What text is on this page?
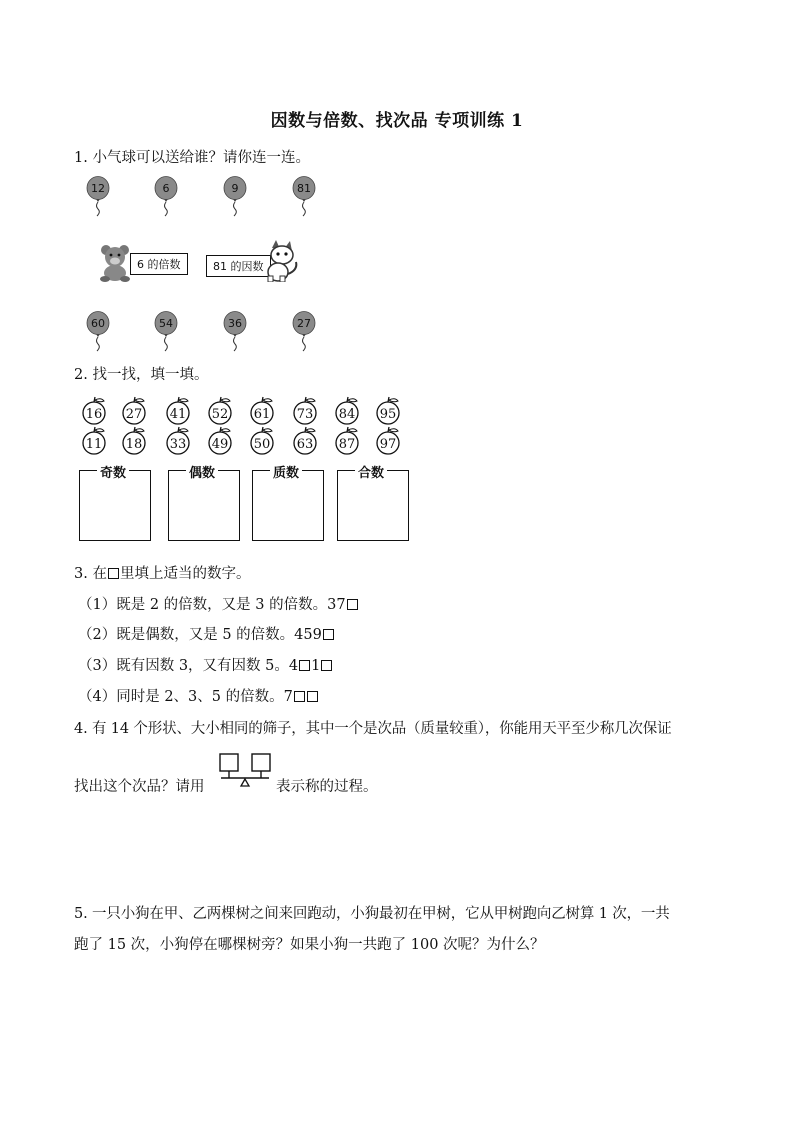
因数与倍数、找次品 专项训练 1
1. 小气球可以送给谁？请你连一连。
12	6	9	81
6 的倍数	81 的因数
60	54	36	27
2. 找一找，填一填。
16 27 41 52 61 73 84 95
11 18 33 49 50 63 87 97
奇数	偶数	质数	合数
3. 在 里填上适当的数字。
（1）既是 2 的倍数，又是 3 的倍数。37
（2）既是偶数，又是 5 的倍数。459
（3）既有因数 3，又有因数 5。4 1
（4）同时是 2、3、5 的倍数。7
4. 有 14 个形状、大小相同的筛子，其中一个是次品（质量较重），你能用天平至少称几次保证
找出这个次品？请用	表示称的过程。
5. 一只小狗在甲、乙两棵树之间来回跑动，小狗最初在甲树，它从甲树跑向乙树算 1 次，一共
跑了 15 次，小狗停在哪棵树旁？如果小狗一共跑了 100 次呢？为什么？
